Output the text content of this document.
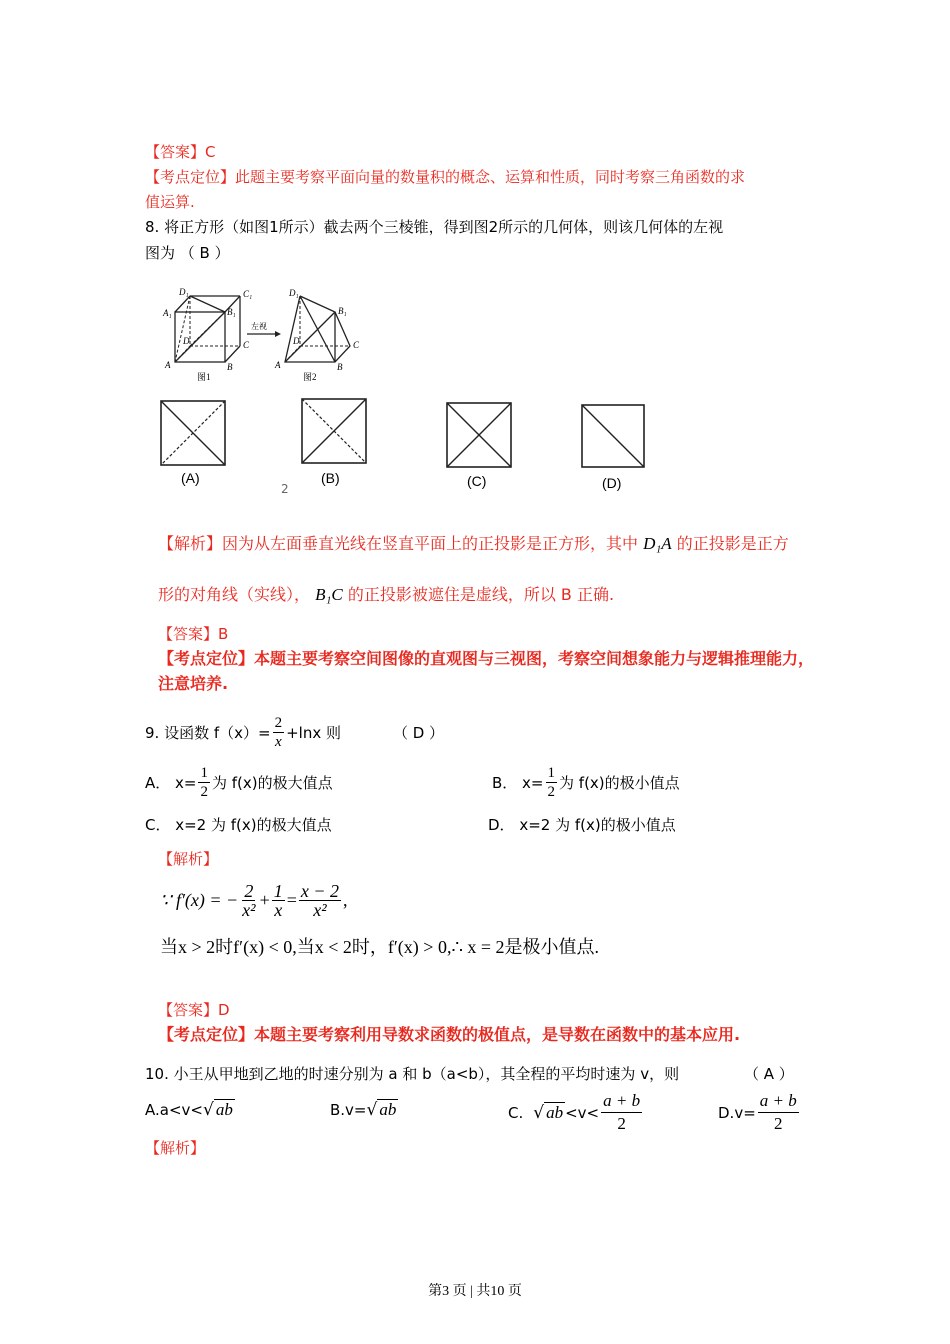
【答案】C
【考点定位】此题主要考察平面向量的数量积的概念、运算和性质，同时考察三角函数的求
值运算.
8. 将正方形（如图1所示）截去两个三棱锥，得到图2所示的几何体，则该几何体的左视
图为 （ B ）
D₁	C₁
A₁	B₁
D	C
A	B
图1
左视
D₁
B₁
D	C
A	B
图2
(A)	(B)	(C)	(D)
2
【解析】因为从左面垂直光线在竖直平面上的正投影是正方形，其中 D₁A 的正投影是正方
形的对角线（实线）， B₁C 的正投影被遮住是虚线，所以 B 正确.
【答案】B
【考点定位】本题主要考察空间图像的直观图与三视图，考察空间想象能力与逻辑推理能力，
注意培养.
9. 设函数 $f(x)= \frac{2}{x} +\ln x$ 则	（ D ）
A． $x= \frac{1}{2}$ 为 f(x)的极大值点	B． $x= \frac{1}{2}$ 为 f(x)的极小值点
C． x=2 为 f(x)的极大值点	D． x=2 为 f(x)的极小值点
【解析】
∵ f′(x) = − $\frac{2}{\text{x²}} + \frac{1}{x} = \frac{x - 2}{\text{x²}}$ ,
当x > 2时f′(x) < 0,当x < 2时，f′(x) > 0,∴ x = 2是极小值点.
【答案】D
【考点定位】本题主要考察利用导数求函数的极值点，是导数在函数中的基本应用.
10. 小王从甲地到乙地的时速分别为 a 和 b（a<b），其全程的平均时速为 v，则	（ A ）
A.a<v< √ ab	B.v= √ ab	C. √ ab $<v< \frac{a + b}{2}$	$D.v= \frac{a + b}{2}$
【解析】
第3 页 | 共10 页
